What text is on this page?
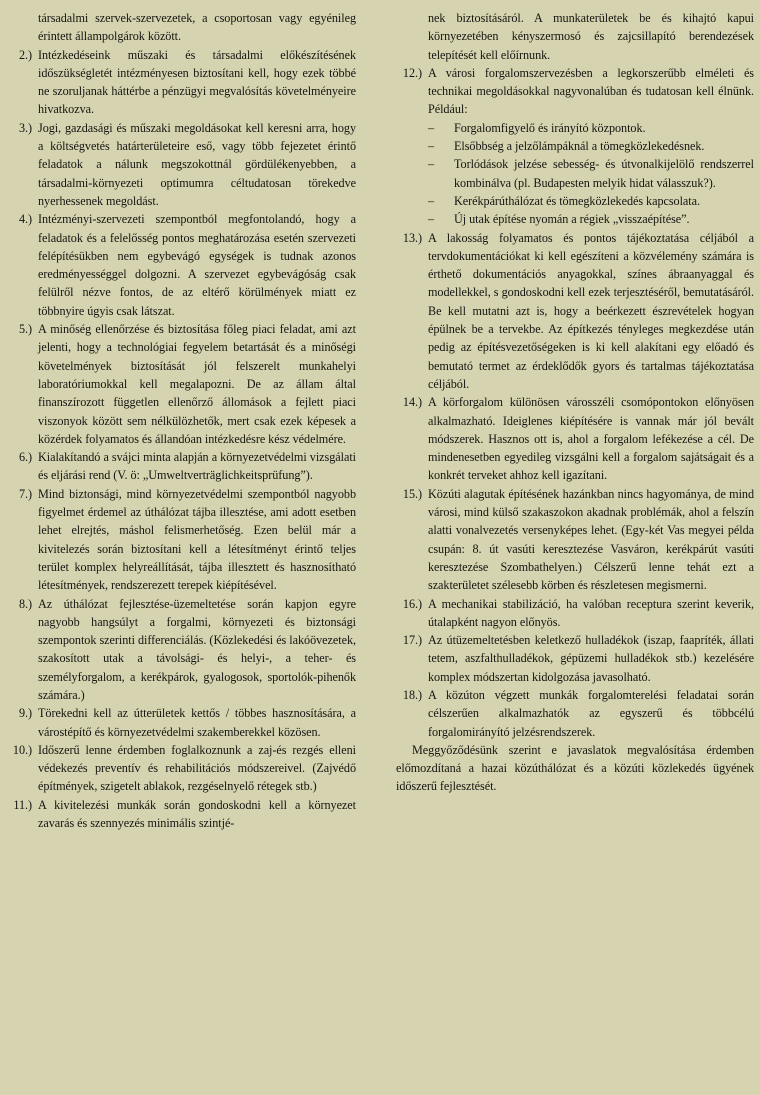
társadalmi szervek-szervezetek, a csoportosan vagy egyénileg érintett állampolgárok között.
2.) Intézkedéseink műszaki és társadalmi előkészítésének időszükségletét intézményesen biztosítani kell, hogy ezek többé ne szoruljanak háttérbe a pénzügyi megvalósítás követelményeire hivatkozva.
3.) Jogi, gazdasági és műszaki megoldásokat kell keresni arra, hogy a költségvetés határterületeire eső, vagy több fejezetet érintő feladatok a nálunk megszokottnál gördülékenyebben, a társadalmi-környezeti optimumra céltudatosan törekedve nyerhessenek megoldást.
4.) Intézményi-szervezeti szempontból megfontolandó, hogy a feladatok és a felelősség pontos meghatározása esetén szervezeti felépítésükben nem egybevágó egységek is tudnak azonos eredményességgel dolgozni. A szervezet egybevágóság csak felülről nézve fontos, de az eltérő körülmények miatt ez többnyire úgyis csak látszat.
5.) A minőség ellenőrzése és biztosítása főleg piaci feladat, ami azt jelenti, hogy a technológiai fegyelem betartását és a minőségi követelmények biztosítását jól felszerelt munkahelyi laboratóriumokkal kell megalapozni. De az állam által finanszírozott független ellenőrző állomások a fejlett piaci viszonyok között sem nélkülözhetők, mert csak ezek képesek a közérdek folyamatos és állandóan intézkedésre kész védelmére.
6.) Kialakítandó a svájci minta alapján a környezetvédelmi vizsgálati és eljárási rend (V. ö: „Umweltverträglichkeitsprüfung”).
7.) Mind biztonsági, mind környezetvédelmi szempontból nagyobb figyelmet érdemel az úthálózat tájba illesztése, ami adott esetben lehet elrejtés, máshol felismerhetőség. Ezen belül már a kivitelezés során biztosítani kell a létesítményt érintő teljes terület komplex helyreállítását, tájba illesztett és hasznosítható létesítmények, rendszerezett terepek kiépítésével.
8.) Az úthálózat fejlesztése-üzemeltetése során kapjon egyre nagyobb hangsúlyt a forgalmi, környezeti és biztonsági szempontok szerinti differenciálás. (Közlekedési és lakóövezetek, szakosított utak a távolsági- és helyi-, a teher- és személyforgalom, a kerékpárok, gyalogosok, sportolók-pihenők számára.)
9.) Törekedni kell az útterületek kettős / többes hasznosítására, a várostépítő és környezetvédelmi szakemberekkel közösen.
10.) Időszerű lenne érdemben foglalkoznunk a zaj-és rezgés elleni védekezés preventív és rehabilitációs módszereivel. (Zajvédő építmények, szigetelt ablakok, rezgéselnyelő rétegek stb.)
11.) A kivitelezési munkák során gondoskodni kell a környezet zavarás és szennyezés minimális szintjé-
nek biztosításáról. A munkaterületek be és kihajtó kapui környezetében kényszermosó és zajcsillapító berendezések telepítését kell előírnunk.
12.) A városi forgalomszervezésben a legkorszerűbb elméleti és technikai megoldásokkal nagyvonalúban és tudatosan kell élnünk. Például:
–	Forgalomfigyelő és irányító központok.
–	Elsőbbség a jelzőlámpáknál a tömegközlekedésnek.
–	Torlódások jelzése sebesség- és útvonalkijelölő rendszerrel kombinálva (pl. Budapesten melyik hidat válasszuk?).
–	Kerékpárúthálózat és tömegközlekedés kapcsolata.
–	Új utak építése nyomán a régiek „visszaépítése”.
13.) A lakosság folyamatos és pontos tájékoztatása céljából a tervdokumentációkat ki kell egészíteni a közvélemény számára is érthető dokumentációs anyagokkal, színes ábraanyaggal és modellekkel, s gondoskodni kell ezek terjesztéséről, bemutatásáról. Be kell mutatni azt is, hogy a beérkezett észrevételek hogyan épülnek be a tervekbe. Az építkezés tényleges megkezdése után pedig az építésvezetőségeken is ki kell alakítani egy előadó és bemutató termet az érdeklődők gyors és tartalmas tájékoztatása céljából.
14.) A körforgalom különösen városszéli csomópontokon előnyösen alkalmazható. Ideiglenes kiépítésére is vannak már jól bevált módszerek. Hasznos ott is, ahol a forgalom lefékezése a cél. De mindenesetben egyedileg vizsgálni kell a forgalom sajátságait és a konkrét terveket ahhoz kell igazítani.
15.) Közúti alagutak építésének hazánkban nincs hagyománya, de mind városi, mind külső szakaszokon akadnak problémák, ahol a felszín alatti vonalvezetés versenyképes lehet. (Egy-két Vas megyei példa csupán: 8. út vasúti keresztezése Vasváron, kerékpárút vasúti keresztezése Szombathelyen.) Célszerű lenne tehát ezt a szakterületet szélesebb körben és részletesen megismerni.
16.) A mechanikai stabilizáció, ha valóban receptura szerint keverik, útalapként nagyon előnyös.
17.) Az útüzemeltetésben keletkező hulladékok (iszap, faapríték, állati tetem, aszfalthulladékok, gépüzemi hulladékok stb.) kezelésére komplex módszertan kidolgozása javasolható.
18.) A közúton végzett munkák forgalomterelési feladatai során célszerűen alkalmazhatók az egyszerű és többcélú forgalomirányító jelzésrendszerek.
Meggyőződésünk szerint e javaslatok megvalósítása érdemben előmozdítaná a hazai közúthálózat és a közúti közlekedés ügyének időszerű fejlesztését.
